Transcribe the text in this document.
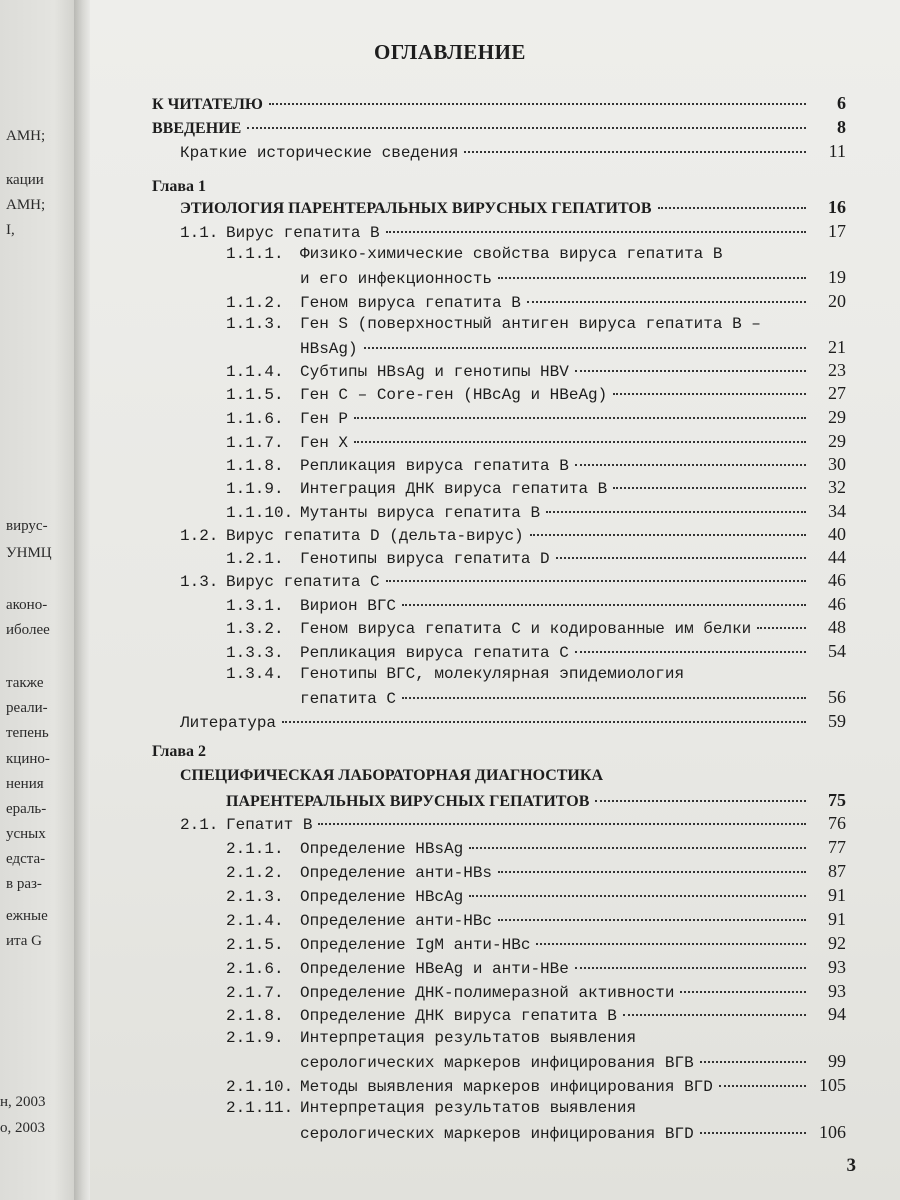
АМН;
кации
АМН;
I,
вирус-
УНМЦ
аконо-
иболее
также
реали-
тепень
кцино-
нения
ераль-
усных
едста-
в раз-
ежные
ита G
н, 2003
о, 2003
ОГЛАВЛЕНИЕ
К ЧИТАТЕЛЮ	6
ВВЕДЕНИЕ	8
Краткие исторические сведения	11
Глава 1
ЭТИОЛОГИЯ ПАРЕНТЕРАЛЬНЫХ ВИРУСНЫХ ГЕПАТИТОВ	16
1.1. Вирус гепатита B	17
1.1.1.	Физико-химические свойства вируса гепатита B
и его инфекционность	19
1.1.2.	Геном вируса гепатита B	20
1.1.3.	Ген S (поверхностный антиген вируса гепатита B –
HBsAg)	21
1.1.4.	Субтипы HBsAg и генотипы HBV	23
1.1.5.	Ген C – Core-ген (HBcAg и HBeAg)	27
1.1.6.	Ген P	29
1.1.7.	Ген X	29
1.1.8.	Репликация вируса гепатита B	30
1.1.9.	Интеграция ДНК вируса гепатита B	32
1.1.10. Мутанты вируса гепатита B	34
1.2. Вирус гепатита D (дельта-вирус)	40
1.2.1.	Генотипы вируса гепатита D	44
1.3. Вирус гепатита C	46
1.3.1.	Вирион ВГС	46
1.3.2.	Геном вируса гепатита C и кодированные им белки	48
1.3.3.	Репликация вируса гепатита C	54
1.3.4.	Генотипы ВГС, молекулярная эпидемиология
гепатита C	56
Литература	59
Глава 2
СПЕЦИФИЧЕСКАЯ ЛАБОРАТОРНАЯ ДИАГНОСТИКА
ПАРЕНТЕРАЛЬНЫХ ВИРУСНЫХ ГЕПАТИТОВ	75
2.1. Гепатит B	76
2.1.1.	Определение HBsAg	77
2.1.2.	Определение анти-HBs	87
2.1.3.	Определение HBcAg	91
2.1.4.	Определение анти-HBc	91
2.1.5.	Определение IgM анти-HBc	92
2.1.6.	Определение HBeAg и анти-HBe	93
2.1.7.	Определение ДНК-полимеразной активности	93
2.1.8.	Определение ДНК вируса гепатита B	94
2.1.9.	Интерпретация результатов выявления
серологических маркеров инфицирования ВГВ	99
2.1.10. Методы выявления маркеров инфицирования ВГD	105
2.1.11. Интерпретация результатов выявления
серологических маркеров инфицирования ВГD	106
3
